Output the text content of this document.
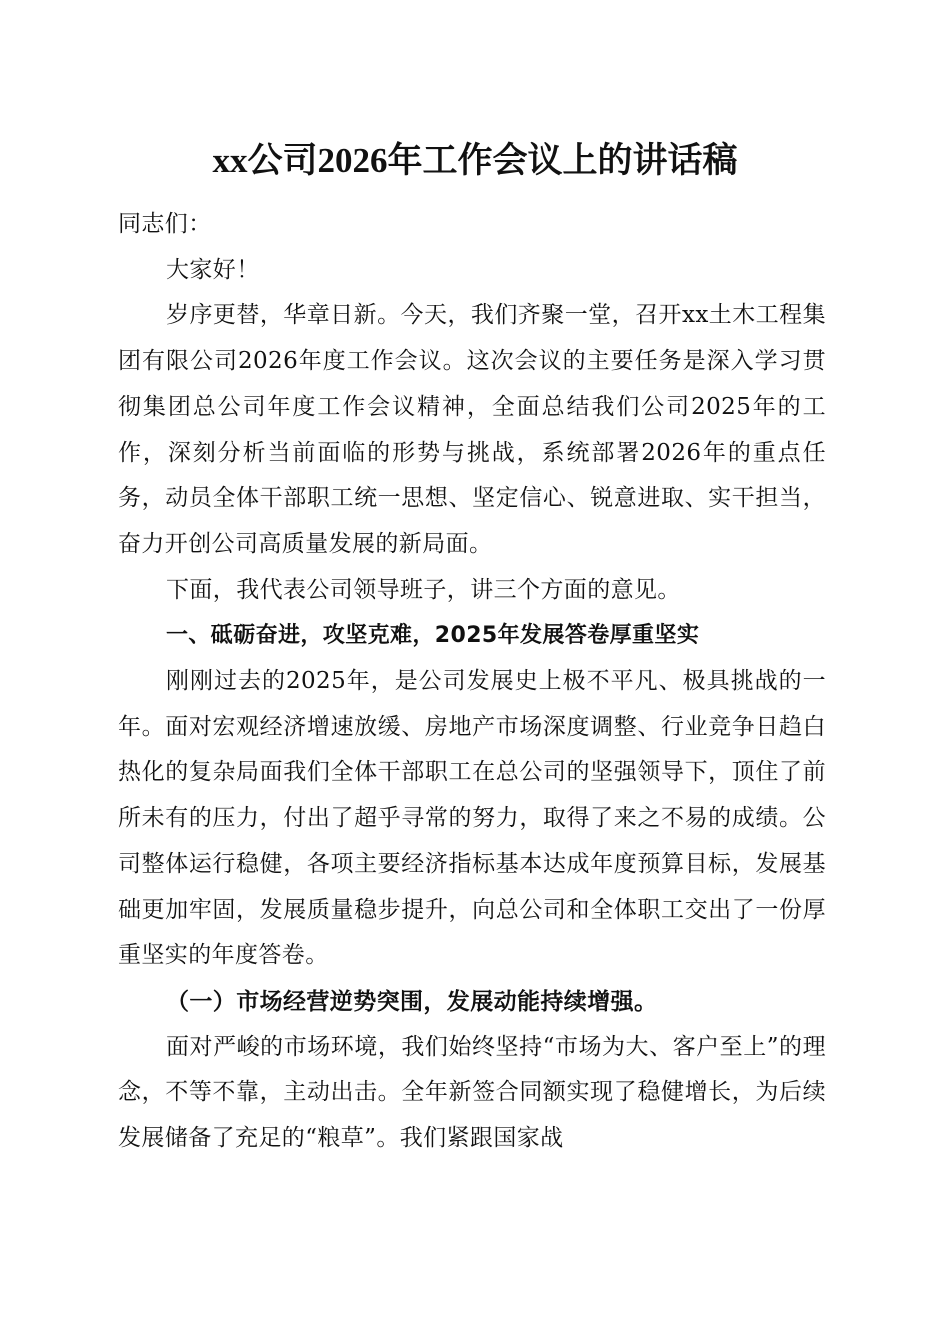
xx公司2026年工作会议上的讲话稿

同志们：

大家好！

岁序更替，华章日新。今天，我们齐聚一堂，召开xx土木工程集团有限公司2026年度工作会议。这次会议的主要任务是深入学习贯彻集团总公司年度工作会议精神，全面总结我们公司2025年的工作，深刻分析当前面临的形势与挑战，系统部署2026年的重点任务，动员全体干部职工统一思想、坚定信心、锐意进取、实干担当，奋力开创公司高质量发展的新局面。

下面，我代表公司领导班子，讲三个方面的意见。

一、砥砺奋进，攻坚克难，2025年发展答卷厚重坚实

刚刚过去的2025年，是公司发展史上极不平凡、极具挑战的一年。面对宏观经济增速放缓、房地产市场深度调整、行业竞争日趋白热化的复杂局面我们全体干部职工在总公司的坚强领导下，顶住了前所未有的压力，付出了超乎寻常的努力，取得了来之不易的成绩。公司整体运行稳健，各项主要经济指标基本达成年度预算目标，发展基础更加牢固，发展质量稳步提升，向总公司和全体职工交出了一份厚重坚实的年度答卷。

（一）市场经营逆势突围，发展动能持续增强。

面对严峻的市场环境，我们始终坚持“市场为大、客户至上”的理念，不等不靠，主动出击。全年新签合同额实现了稳健增长，为后续发展储备了充足的“粮草”。我们紧跟国家战
